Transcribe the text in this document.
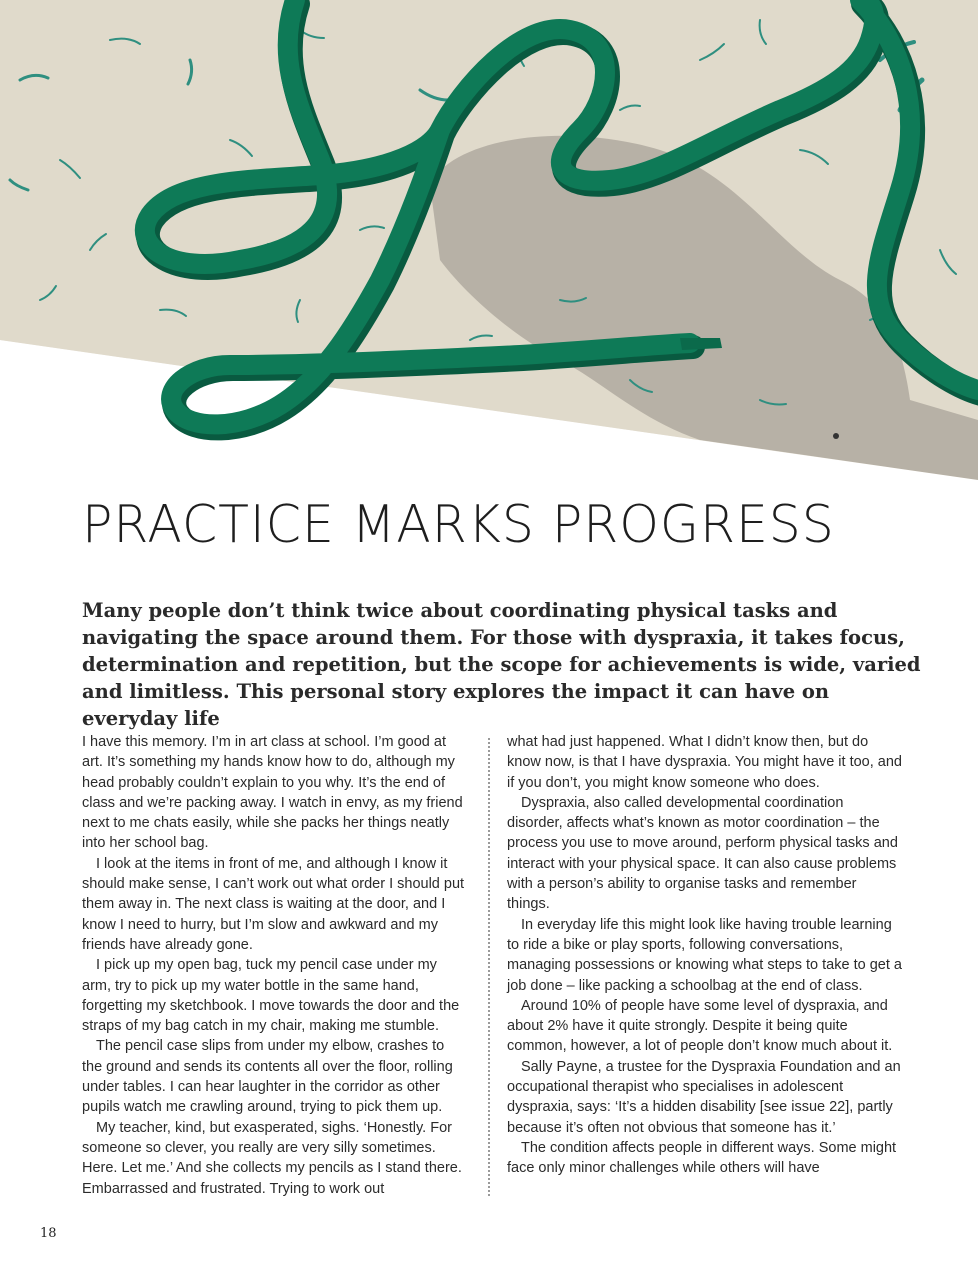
PRACTICE MARKS PROGRESS

Many people don’t think twice about coordinating physical tasks and navigating the space around them. For those with dyspraxia, it takes focus, determination and repetition, but the scope for achievements is wide, varied and limitless. This personal story explores the impact it can have on everyday life

I have this memory. I’m in art class at school. I’m good at art. It’s something my hands know how to do, although my head probably couldn’t explain to you why. It’s the end of class and we’re packing away. I watch in envy, as my friend next to me chats easily, while she packs her things neatly into her school bag.

I look at the items in front of me, and although I know it should make sense, I can’t work out what order I should put them away in. The next class is waiting at the door, and I know I need to hurry, but I’m slow and awkward and my friends have already gone.

I pick up my open bag, tuck my pencil case under my arm, try to pick up my water bottle in the same hand, forgetting my sketchbook. I move towards the door and the straps of my bag catch in my chair, making me stumble.

The pencil case slips from under my elbow, crashes to the ground and sends its contents all over the floor, rolling under tables. I can hear laughter in the corridor as other pupils watch me crawling around, trying to pick them up.

My teacher, kind, but exasperated, sighs. ‘Honestly. For someone so clever, you really are very silly sometimes. Here. Let me.’ And she collects my pencils as I stand there. Embarrassed and frustrated. Trying to work out

what had just happened. What I didn’t know then, but do know now, is that I have dyspraxia. You might have it too, and if you don’t, you might know someone who does.

Dyspraxia, also called developmental coordination disorder, affects what’s known as motor coordination – the process you use to move around, perform physical tasks and interact with your physical space. It can also cause problems with a person’s ability to organise tasks and remember things.

In everyday life this might look like having trouble learning to ride a bike or play sports, following conversations, managing possessions or knowing what steps to take to get a job done – like packing a schoolbag at the end of class.

Around 10% of people have some level of dyspraxia, and about 2% have it quite strongly. Despite it being quite common, however, a lot of people don’t know much about it.

Sally Payne, a trustee for the Dyspraxia Foundation and an occupational therapist who specialises in adolescent dyspraxia, says: ‘It’s a hidden disability [see issue 22], partly because it’s often not obvious that someone has it.’

The condition affects people in different ways. Some might face only minor challenges while others will have

18
